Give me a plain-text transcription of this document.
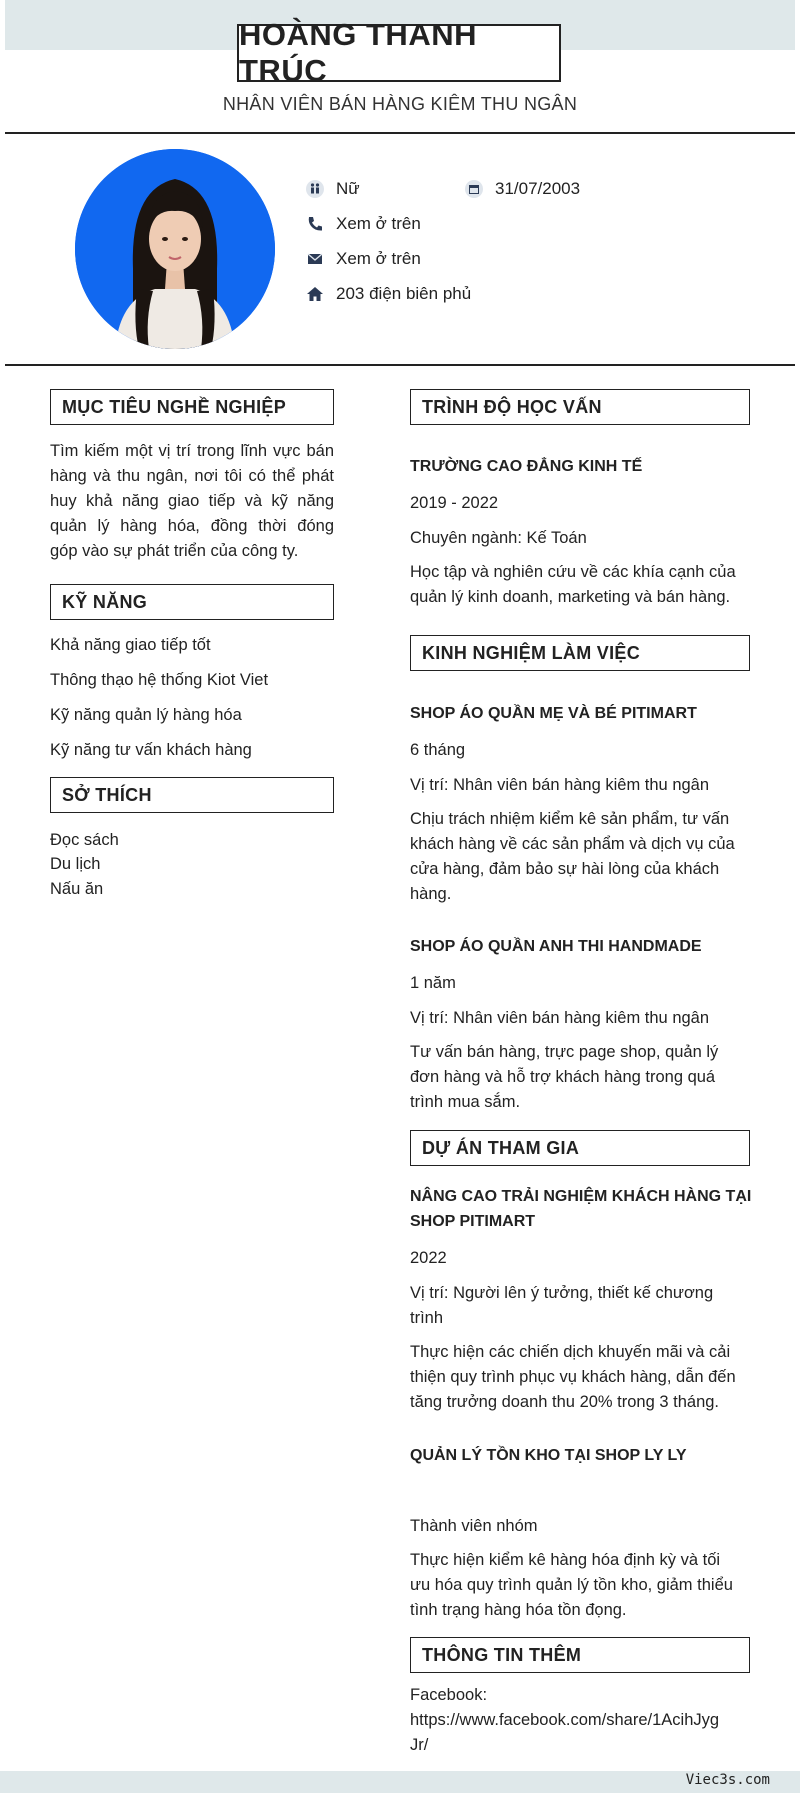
HOÀNG THANH TRÚC
NHÂN VIÊN BÁN HÀNG KIÊM THU NGÂN
Nữ	31/07/2003
Xem ở trên
Xem ở trên
203 điện biên phủ
MỤC TIÊU NGHỀ NGHIỆP
Tìm kiếm một vị trí trong lĩnh vực bán
hàng và thu ngân, nơi tôi có thể phát
huy khả năng giao tiếp và kỹ năng
quản lý hàng hóa, đồng thời đóng
góp vào sự phát triển của công ty.
KỸ NĂNG
Khả năng giao tiếp tốt
Thông thạo hệ thống Kiot Viet
Kỹ năng quản lý hàng hóa
Kỹ năng tư vấn khách hàng
SỞ THÍCH
Đọc sách
Du lịch
Nấu ăn
TRÌNH ĐỘ HỌC VẤN
TRƯỜNG CAO ĐẲNG KINH TẾ
2019 - 2022
Chuyên ngành: Kế Toán
Học tập và nghiên cứu về các khía cạnh của
quản lý kinh doanh, marketing và bán hàng.
KINH NGHIỆM LÀM VIỆC
SHOP ÁO QUẦN MẸ VÀ BÉ PITIMART
6 tháng
Vị trí: Nhân viên bán hàng kiêm thu ngân
Chịu trách nhiệm kiểm kê sản phẩm, tư vấn
khách hàng về các sản phẩm và dịch vụ của
cửa hàng, đảm bảo sự hài lòng của khách
hàng.
SHOP ÁO QUẦN ANH THI HANDMADE
1 năm
Vị trí: Nhân viên bán hàng kiêm thu ngân
Tư vấn bán hàng, trực page shop, quản lý
đơn hàng và hỗ trợ khách hàng trong quá
trình mua sắm.
DỰ ÁN THAM GIA
NÂNG CAO TRẢI NGHIỆM KHÁCH HÀNG TẠI
SHOP PITIMART
2022
Vị trí: Người lên ý tưởng, thiết kế chương
trình
Thực hiện các chiến dịch khuyến mãi và cải
thiện quy trình phục vụ khách hàng, dẫn đến
tăng trưởng doanh thu 20% trong 3 tháng.
QUẢN LÝ TỒN KHO TẠI SHOP LY LY
Thành viên nhóm
Thực hiện kiểm kê hàng hóa định kỳ và tối
ưu hóa quy trình quản lý tồn kho, giảm thiểu
tình trạng hàng hóa tồn đọng.
THÔNG TIN THÊM
Facebook:
https://www.facebook.com/share/1AcihJyg
Jr/
Viec3s.com
